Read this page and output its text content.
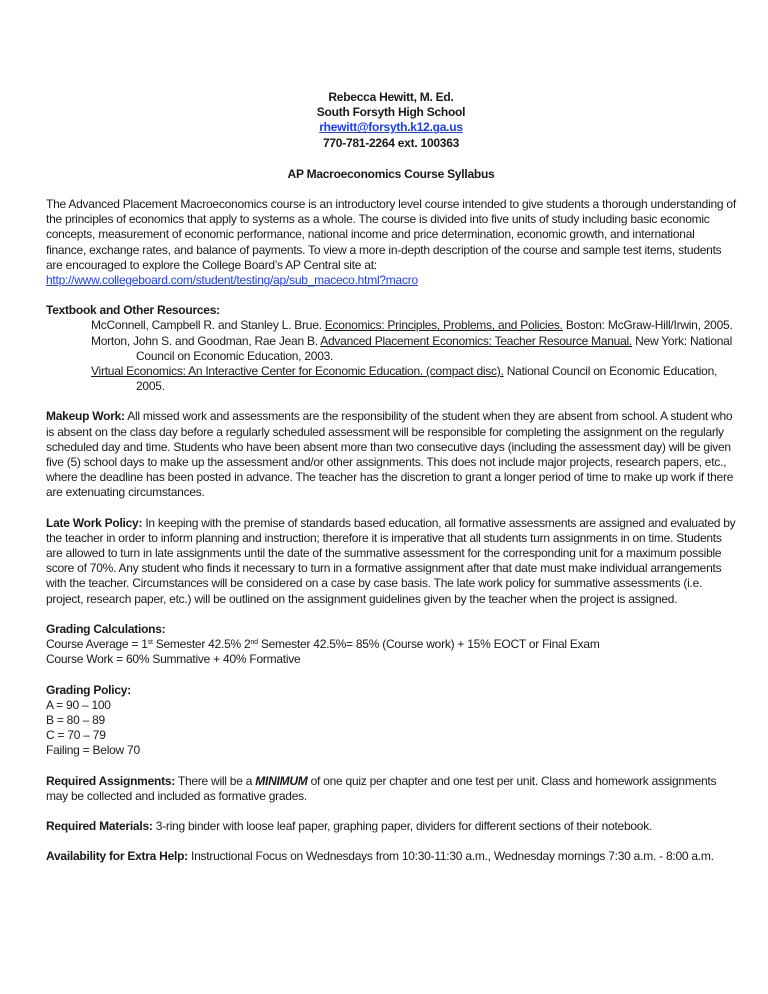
Rebecca Hewitt, M. Ed.
South Forsyth High School
rhewitt@forsyth.k12.ga.us
770-781-2264 ext. 100363
AP Macroeconomics Course Syllabus

The Advanced Placement Macroeconomics course is an introductory level course intended to give students a thorough understanding of the principles of economics that apply to systems as a whole. The course is divided into five units of study including basic economic concepts, measurement of economic performance, national income and price determination, economic growth, and international finance, exchange rates, and balance of payments. To view a more in-depth description of the course and sample test items, students are encouraged to explore the College Board’s AP Central site at:
http://www.collegeboard.com/student/testing/ap/sub_maceco.html?macro

Textbook and Other Resources:
McConnell, Campbell R. and Stanley L. Brue. Economics: Principles, Problems, and Policies. Boston: McGraw-Hill/Irwin, 2005.
Morton, John S. and Goodman, Rae Jean B. Advanced Placement Economics: Teacher Resource Manual. New York: National Council on Economic Education, 2003.
Virtual Economics: An Interactive Center for Economic Education. (compact disc). National Council on Economic Education, 2005.

Makeup Work: All missed work and assessments are the responsibility of the student when they are absent from school. A student who is absent on the class day before a regularly scheduled assessment will be responsible for completing the assignment on the regularly scheduled day and time. Students who have been absent more than two consecutive days (including the assessment day) will be given five (5) school days to make up the assessment and/or other assignments. This does not include major projects, research papers, etc., where the deadline has been posted in advance. The teacher has the discretion to grant a longer period of time to make up work if there are extenuating circumstances.

Late Work Policy: In keeping with the premise of standards based education, all formative assessments are assigned and evaluated by the teacher in order to inform planning and instruction; therefore it is imperative that all students turn assignments in on time. Students are allowed to turn in late assignments until the date of the summative assessment for the corresponding unit for a maximum possible score of 70%. Any student who finds it necessary to turn in a formative assignment after that date must make individual arrangements with the teacher. Circumstances will be considered on a case by case basis. The late work policy for summative assessments (i.e. project, research paper, etc.) will be outlined on the assignment guidelines given by the teacher when the project is assigned.

Grading Calculations:
Course Average = 1st Semester 42.5% 2nd Semester 42.5%= 85% (Course work) + 15% EOCT or Final Exam
Course Work = 60% Summative + 40% Formative
Grading Policy:
A = 90 – 100
B = 80 – 89
C = 70 – 79
Failing = Below 70

Required Assignments: There will be a MINIMUM of one quiz per chapter and one test per unit. Class and homework assignments may be collected and included as formative grades.

Required Materials: 3-ring binder with loose leaf paper, graphing paper, dividers for different sections of their notebook.

Availability for Extra Help: Instructional Focus on Wednesdays from 10:30-11:30 a.m., Wednesday mornings 7:30 a.m. - 8:00 a.m.
